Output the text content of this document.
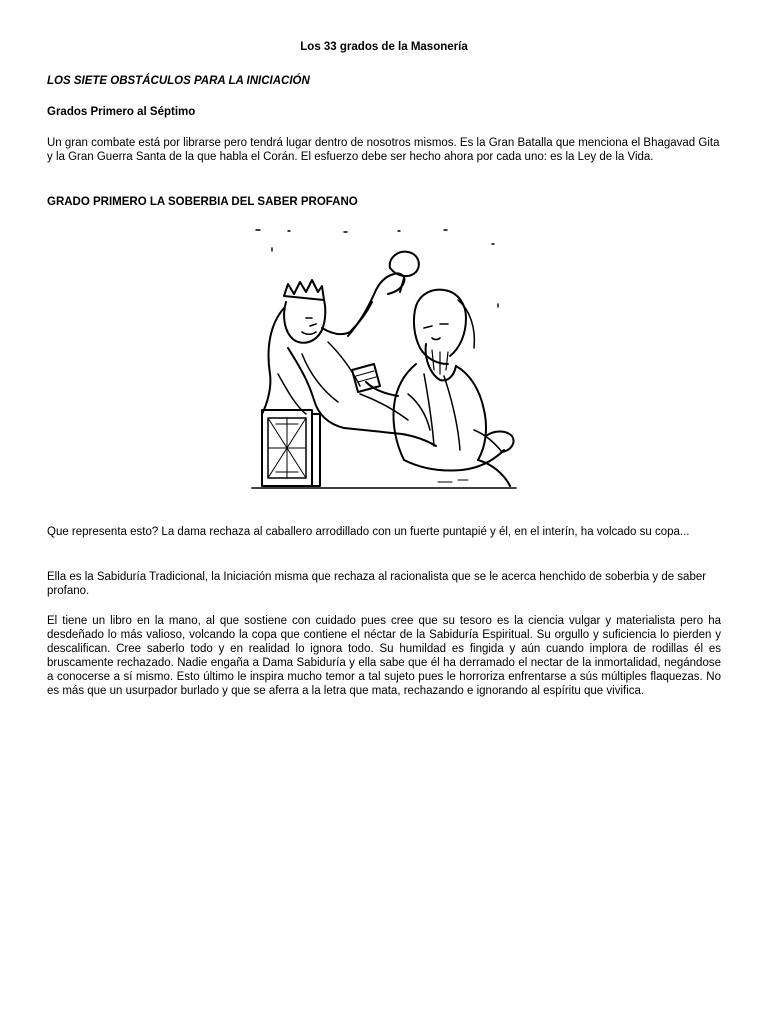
Los 33 grados de la Masonería
LOS SIETE OBSTÁCULOS PARA LA INICIACIÓN
Grados Primero al Séptimo

Un gran combate está por librarse pero tendrá lugar dentro de nosotros mismos. Es la Gran Batalla que menciona el Bhagavad Gita y la Gran Guerra Santa de la que habla el Corán. El esfuerzo debe ser hecho ahora por cada uno: es la Ley de la Vida.

GRADO PRIMERO LA SOBERBIA DEL SABER PROFANO

Que representa esto? La dama rechaza al caballero arrodillado con un fuerte puntapié y él, en el interín, ha volcado su copa...

Ella es la Sabiduría Tradicional, la Iniciación misma que rechaza al racionalista que se le acerca henchido de soberbia y de saber profano.

El tiene un libro en la mano, al que sostiene con cuidado pues cree que su tesoro es la ciencia vulgar y materialista pero ha desdeñado lo más valioso, volcando la copa que contiene el néctar de la Sabiduría Espiritual. Su orgullo y suficiencia lo pierden y descalifican. Cree saberlo todo y en realidad lo ignora todo. Su humildad es fingida y aún cuando implora de rodillas él es bruscamente rechazado. Nadie engaña a Dama Sabiduría y ella sabe que él ha derramado el nectar de la inmortalidad, negándose a conocerse a sí mismo. Esto último le inspira mucho temor a tal sujeto pues le horroriza enfrentarse a sús múltiples flaquezas. No es más que un usurpador burlado y que se aferra a la letra que mata, rechazando e ignorando al espíritu que vivifica.
